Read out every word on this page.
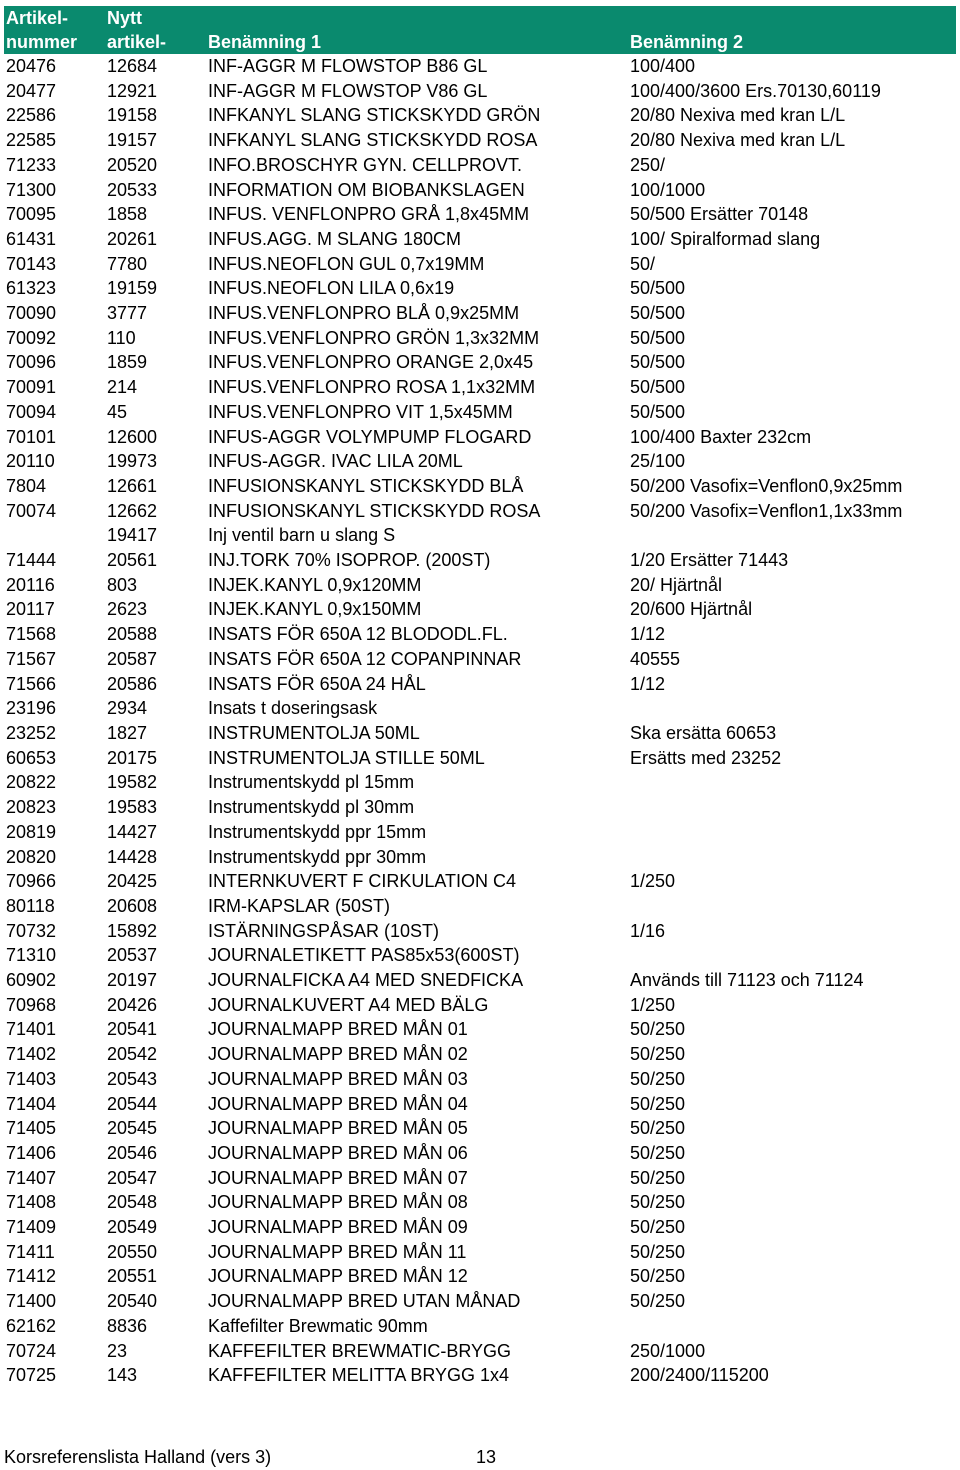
Artikel-	Nytt		
nummer	artikel-	Benämning 1	Benämning 2
20476	12684	INF-AGGR M FLOWSTOP B86 GL	100/400
20477	12921	INF-AGGR M FLOWSTOP V86 GL	100/400/3600 Ers.70130,60119
22586	19158	INFKANYL SLANG STICKSKYDD GRÖN	20/80 Nexiva med kran L/L
22585	19157	INFKANYL SLANG STICKSKYDD ROSA	20/80 Nexiva med kran L/L
71233	20520	INFO.BROSCHYR GYN. CELLPROVT.	250/
71300	20533	INFORMATION OM BIOBANKSLAGEN	100/1000
70095	1858	INFUS. VENFLONPRO GRÅ 1,8x45MM	50/500 Ersätter 70148
61431	20261	INFUS.AGG. M SLANG 180CM	100/ Spiralformad slang
70143	7780	INFUS.NEOFLON GUL 0,7x19MM	50/
61323	19159	INFUS.NEOFLON LILA 0,6x19	50/500
70090	3777	INFUS.VENFLONPRO BLÅ 0,9x25MM	50/500
70092	110	INFUS.VENFLONPRO GRÖN 1,3x32MM	50/500
70096	1859	INFUS.VENFLONPRO ORANGE 2,0x45	50/500
70091	214	INFUS.VENFLONPRO ROSA 1,1x32MM	50/500
70094	45	INFUS.VENFLONPRO VIT 1,5x45MM	50/500
70101	12600	INFUS-AGGR VOLYMPUMP FLOGARD	100/400 Baxter 232cm
20110	19973	INFUS-AGGR. IVAC LILA 20ML	25/100
7804	12661	INFUSIONSKANYL STICKSKYDD BLÅ	50/200 Vasofix=Venflon0,9x25mm
70074	12662	INFUSIONSKANYL STICKSKYDD ROSA	50/200 Vasofix=Venflon1,1x33mm
	19417	Inj ventil barn u slang S	
71444	20561	INJ.TORK 70% ISOPROP. (200ST)	1/20 Ersätter 71443
20116	803	INJEK.KANYL 0,9x120MM	20/ Hjärtnål
20117	2623	INJEK.KANYL 0,9x150MM	20/600 Hjärtnål
71568	20588	INSATS FÖR 650A 12 BLODODL.FL.	1/12
71567	20587	INSATS FÖR 650A 12 COPANPINNAR	40555
71566	20586	INSATS FÖR 650A 24 HÅL	1/12
23196	2934	Insats t doseringsask	
23252	1827	INSTRUMENTOLJA 50ML	Ska ersätta 60653
60653	20175	INSTRUMENTOLJA STILLE 50ML	Ersätts med 23252
20822	19582	Instrumentskydd pl 15mm	
20823	19583	Instrumentskydd pl 30mm	
20819	14427	Instrumentskydd ppr 15mm	
20820	14428	Instrumentskydd ppr 30mm	
70966	20425	INTERNKUVERT F CIRKULATION C4	1/250
80118	20608	IRM-KAPSLAR (50ST)	
70732	15892	ISTÄRNINGSPÅSAR (10ST)	1/16
71310	20537	JOURNALETIKETT PAS85x53(600ST)	
60902	20197	JOURNALFICKA A4 MED SNEDFICKA	Används till 71123 och 71124
70968	20426	JOURNALKUVERT A4 MED BÄLG	1/250
71401	20541	JOURNALMAPP BRED MÅN 01	50/250
71402	20542	JOURNALMAPP BRED MÅN 02	50/250
71403	20543	JOURNALMAPP BRED MÅN 03	50/250
71404	20544	JOURNALMAPP BRED MÅN 04	50/250
71405	20545	JOURNALMAPP BRED MÅN 05	50/250
71406	20546	JOURNALMAPP BRED MÅN 06	50/250
71407	20547	JOURNALMAPP BRED MÅN 07	50/250
71408	20548	JOURNALMAPP BRED MÅN 08	50/250
71409	20549	JOURNALMAPP BRED MÅN 09	50/250
71411	20550	JOURNALMAPP BRED MÅN 11	50/250
71412	20551	JOURNALMAPP BRED MÅN 12	50/250
71400	20540	JOURNALMAPP BRED UTAN MÅNAD	50/250
62162	8836	Kaffefilter Brewmatic 90mm	
70724	23	KAFFEFILTER BREWMATIC-BRYGG	250/1000
70725	143	KAFFEFILTER MELITTA BRYGG 1x4	200/2400/115200
Korsreferenslista Halland (vers 3)	13
